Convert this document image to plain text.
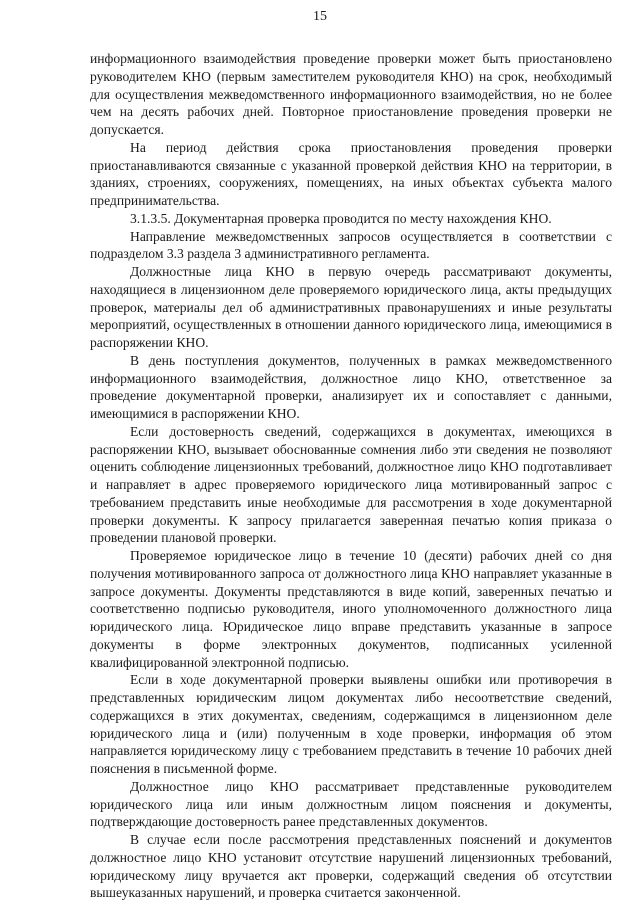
15

информационного взаимодействия проведение проверки может быть приостановлено руководителем КНО (первым заместителем руководителя КНО) на срок, необходимый для осуществления межведомственного информационного взаимодействия, но не более чем на десять рабочих дней. Повторное приостановление проведения проверки не допускается.

На период действия срока приостановления проведения проверки приостанавливаются связанные с указанной проверкой действия КНО на территории, в зданиях, строениях, сооружениях, помещениях, на иных объектах субъекта малого предпринимательства.

3.1.3.5. Документарная проверка проводится по месту нахождения КНО.

Направление межведомственных запросов осуществляется в соответствии с подразделом 3.3 раздела 3 административного регламента.

Должностные лица КНО в первую очередь рассматривают документы, находящиеся в лицензионном деле проверяемого юридического лица, акты предыдущих проверок, материалы дел об административных правонарушениях и иные результаты мероприятий, осуществленных в отношении данного юридического лица, имеющимися в распоряжении КНО.

В день поступления документов, полученных в рамках межведомственного информационного взаимодействия, должностное лицо КНО, ответственное за проведение документарной проверки, анализирует их и сопоставляет с данными, имеющимися в распоряжении КНО.

Если достоверность сведений, содержащихся в документах, имеющихся в распоряжении КНО, вызывает обоснованные сомнения либо эти сведения не позволяют оценить соблюдение лицензионных требований, должностное лицо КНО подготавливает и направляет в адрес проверяемого юридического лица мотивированный запрос с требованием представить иные необходимые для рассмотрения в ходе документарной проверки документы. К запросу прилагается заверенная печатью копия приказа о проведении плановой проверки.

Проверяемое юридическое лицо в течение 10 (десяти) рабочих дней со дня получения мотивированного запроса от должностного лица КНО направляет указанные в запросе документы. Документы представляются в виде копий, заверенных печатью и соответственно подписью руководителя, иного уполномоченного должностного лица юридического лица. Юридическое лицо вправе представить указанные в запросе документы в форме электронных документов, подписанных усиленной квалифицированной электронной подписью.

Если в ходе документарной проверки выявлены ошибки или противоречия в представленных юридическим лицом документах либо несоответствие сведений, содержащихся в этих документах, сведениям, содержащимся в лицензионном деле юридического лица и (или) полученным в ходе проверки, информация об этом направляется юридическому лицу с требованием представить в течение 10 рабочих дней пояснения в письменной форме.

Должностное лицо КНО рассматривает представленные руководителем юридического лица или иным должностным лицом пояснения и документы, подтверждающие достоверность ранее представленных документов.

В случае если после рассмотрения представленных пояснений и документов должностное лицо КНО установит отсутствие нарушений лицензионных требований, юридическому лицу вручается акт проверки, содержащий сведения об отсутствии вышеуказанных нарушений, и проверка считается законченной.
